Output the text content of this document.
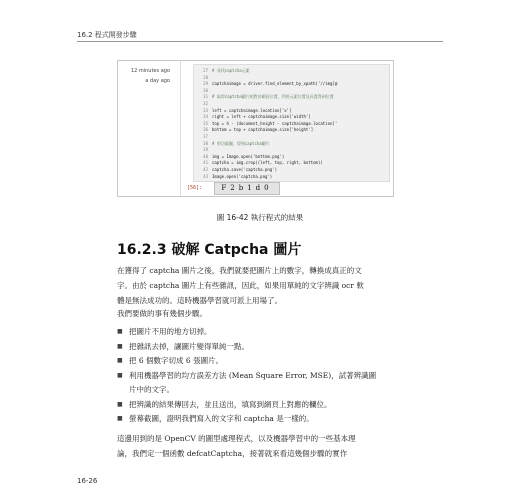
16.2 程式開發步驟
12 minutes ago
a day ago
27 # 尋找captcha元素
28
29 captchaimage = driver.find_element_by_xpath('//img[@
30
31 # 取得captcha圖片相對於網頁位置，利用元素位置及長寬得到位置
32
33 left = captchaimage.location['x']
34 right = left + captchaimage.size['width']
35 top = h - (document_height - captchaimage.location['
36 bottom = top + captchaimage.size['height']
37
38 # 剪切截圖，得到captcha圖片
39
40 img = Image.open('bottom.png')
41 captcha = img.crop((left, top, right, bottom))
42 captcha.save('captcha.png')
43 Image.open('captcha.png')
[56]:	F2b1d0
圖 16-42 執行程式的結果
16.2.3 破解 Catpcha 圖片
在獲得了 captcha 圖片之後，我們就要把圖片上的數字，轉換成真正的文
字。由於 captcha 圖片上有些雜訊，因此，如果用單純的文字辨識 ocr 軟
體是無法成功的。這時機器學習就可派上用場了。
我們要做的事有幾個步驟。
■ 把圖片不用的地方切掉。
■ 把雜訊去掉，讓圖片變得單純一點。
■ 把 6 個數字切成 6 張圖片。
■ 利用機器學習的均方誤差方法 (Mean Square Error, MSE)，試著辨識圖
片中的文字。
■ 把辨識的結果傳回去，並且送出，填寫到網頁上對應的欄位。
■ 螢幕截圖，證明我們寫入的文字和 captcha 是一樣的。
這邊用到的是 OpenCV 的圖型處理程式，以及機器學習中的一些基本理
論，我們定一個函數 defcatCaptcha，接著就來看這幾個步驟的實作
16-26
